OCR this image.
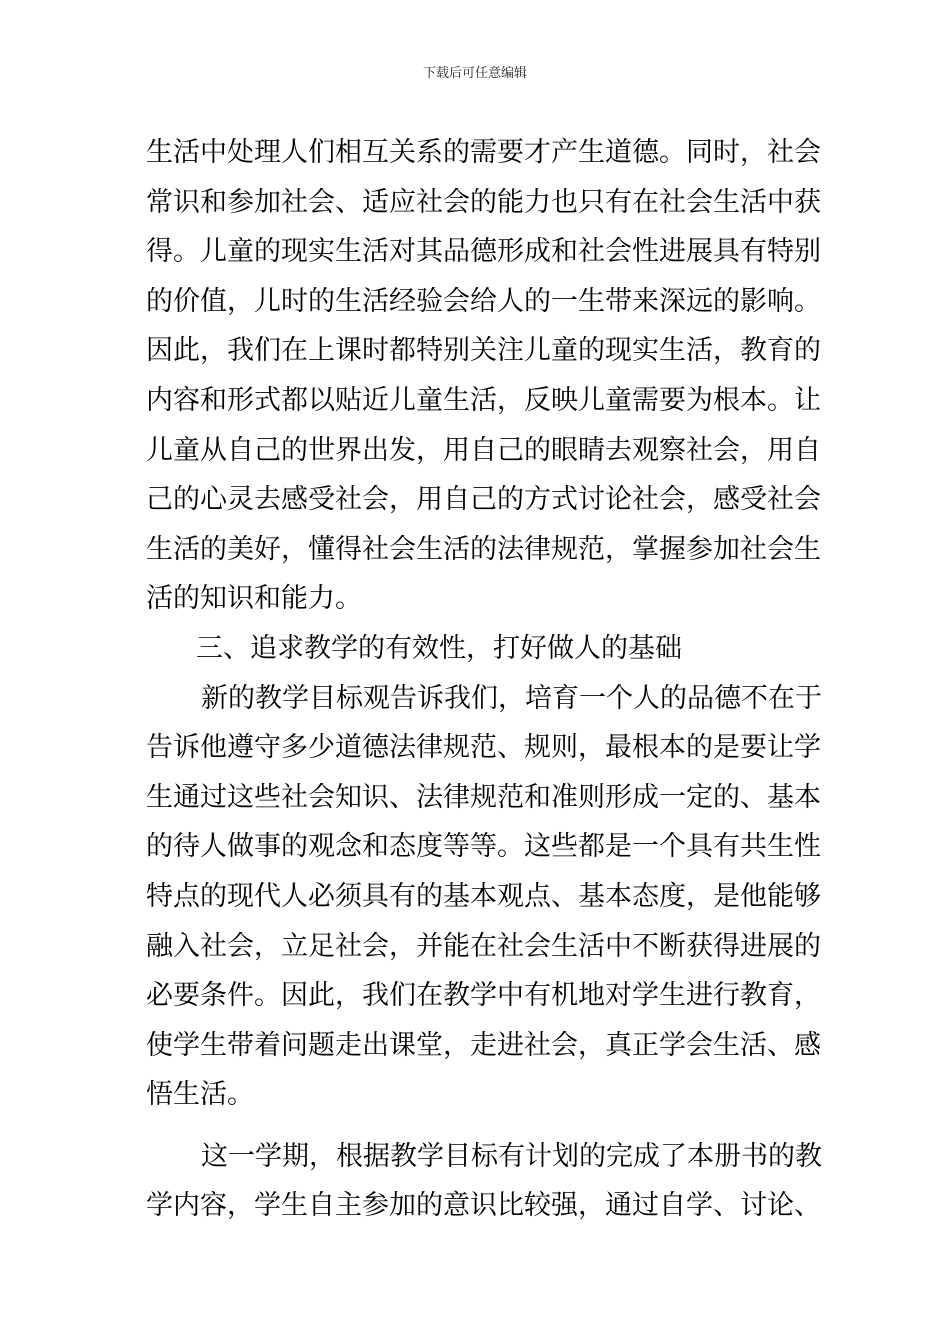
下载后可任意编辑
生活中处理人们相互关系的需要才产生道德。同时，社会
常识和参加社会、适应社会的能力也只有在社会生活中获
得。儿童的现实生活对其品德形成和社会性进展具有特别
的价值，儿时的生活经验会给人的一生带来深远的影响。
因此，我们在上课时都特别关注儿童的现实生活，教育的
内容和形式都以贴近儿童生活，反映儿童需要为根本。让
儿童从自己的世界出发，用自己的眼睛去观察社会，用自
己的心灵去感受社会，用自己的方式讨论社会，感受社会
生活的美好，懂得社会生活的法律规范，掌握参加社会生
活的知识和能力。
三、追求教学的有效性，打好做人的基础
新的教学目标观告诉我们，培育一个人的品德不在于
告诉他遵守多少道德法律规范、规则，最根本的是要让学
生通过这些社会知识、法律规范和准则形成一定的、基本
的待人做事的观念和态度等等。这些都是一个具有共生性
特点的现代人必须具有的基本观点、基本态度，是他能够
融入社会，立足社会，并能在社会生活中不断获得进展的
必要条件。因此，我们在教学中有机地对学生进行教育，
使学生带着问题走出课堂，走进社会，真正学会生活、感
悟生活。
这一学期，根据教学目标有计划的完成了本册书的教
学内容，学生自主参加的意识比较强，通过自学、讨论、
